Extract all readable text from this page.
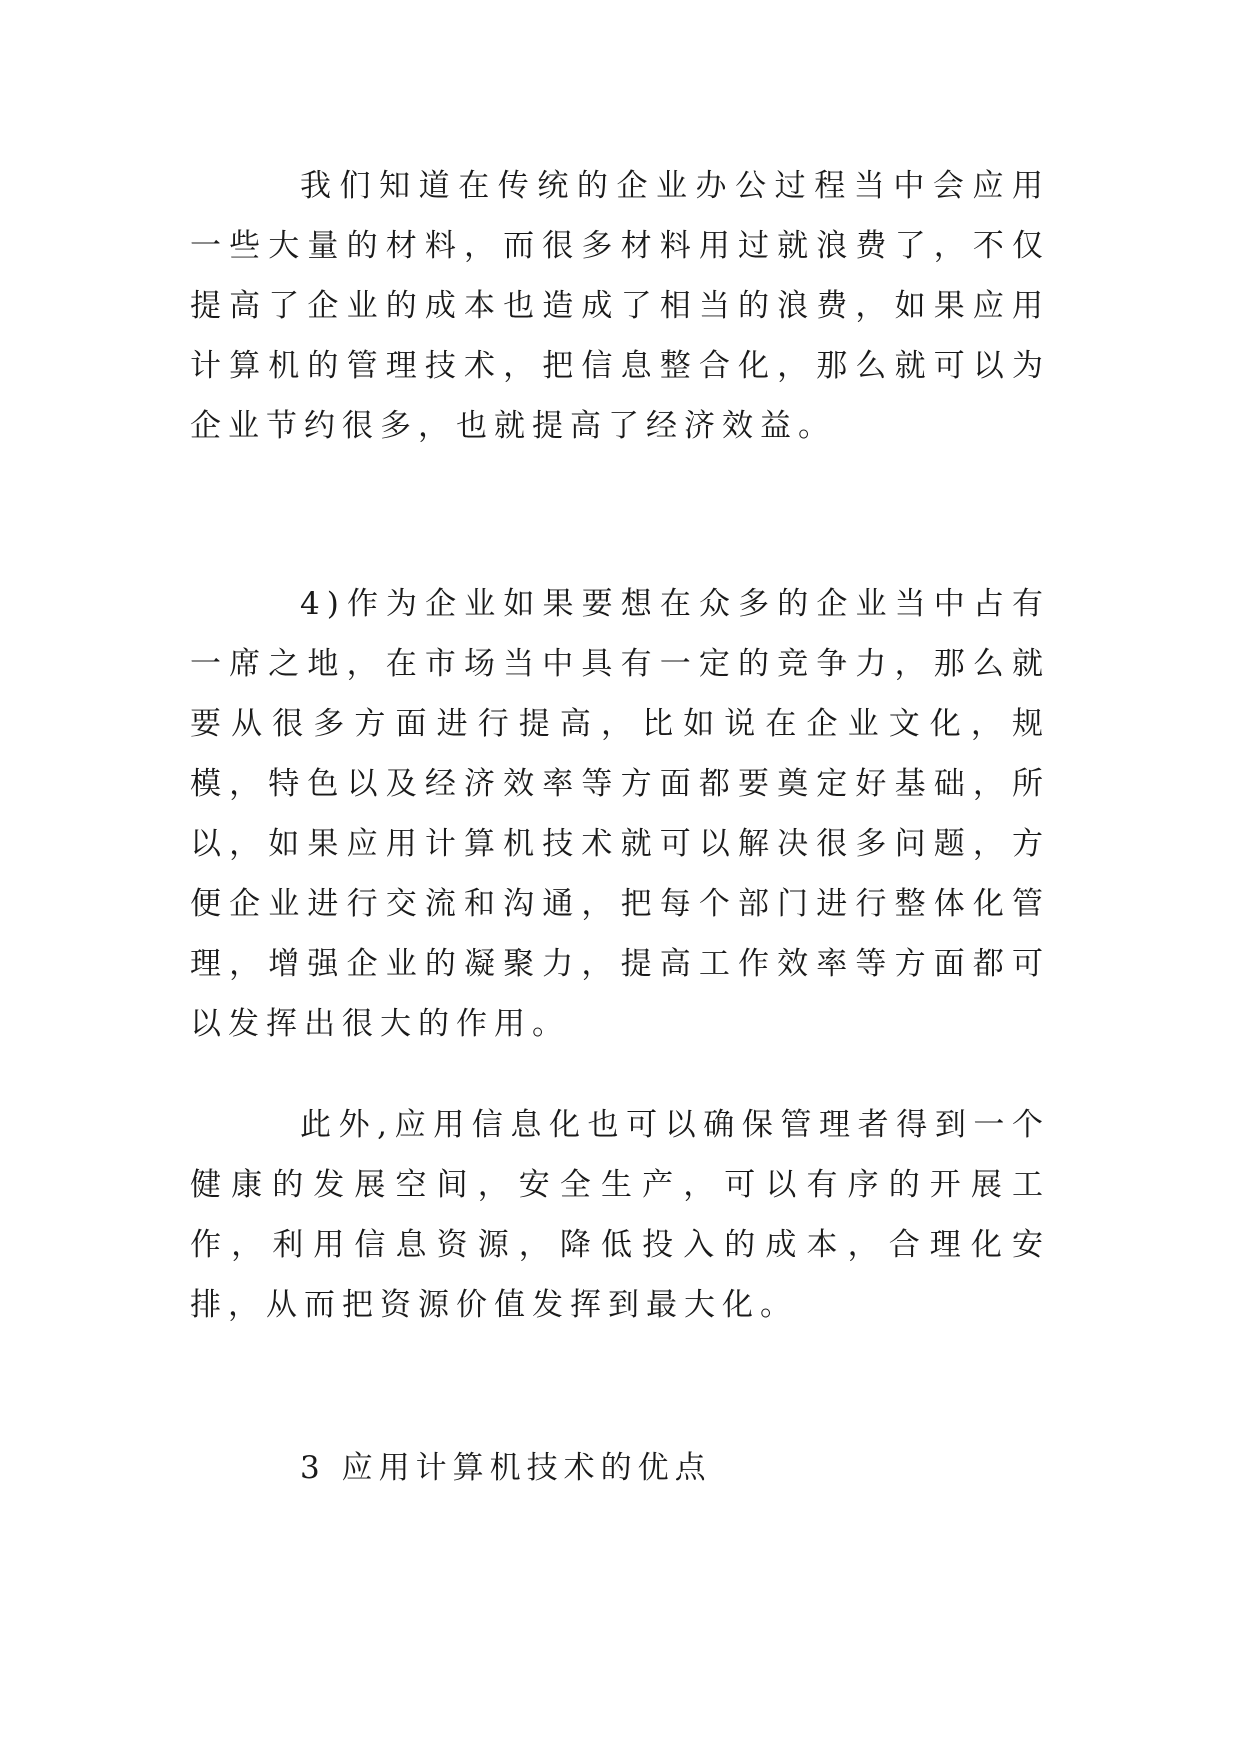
我们知道在传统的企业办公过程当中会应用一些大量的材料，而很多材料用过就浪费了，不仅提高了企业的成本也造成了相当的浪费，如果应用计算机的管理技术，把信息整合化，那么就可以为企业节约很多，也就提高了经济效益。

4)作为企业如果要想在众多的企业当中占有一席之地，在市场当中具有一定的竞争力，那么就要从很多方面进行提高，比如说在企业文化，规模，特色以及经济效率等方面都要奠定好基础，所以，如果应用计算机技术就可以解决很多问题，方便企业进行交流和沟通，把每个部门进行整体化管理，增强企业的凝聚力，提高工作效率等方面都可以发挥出很大的作用。

此外,应用信息化也可以确保管理者得到一个健康的发展空间，安全生产，可以有序的开展工作，利用信息资源，降低投入的成本，合理化安排，从而把资源价值发挥到最大化。

3 应用计算机技术的优点
